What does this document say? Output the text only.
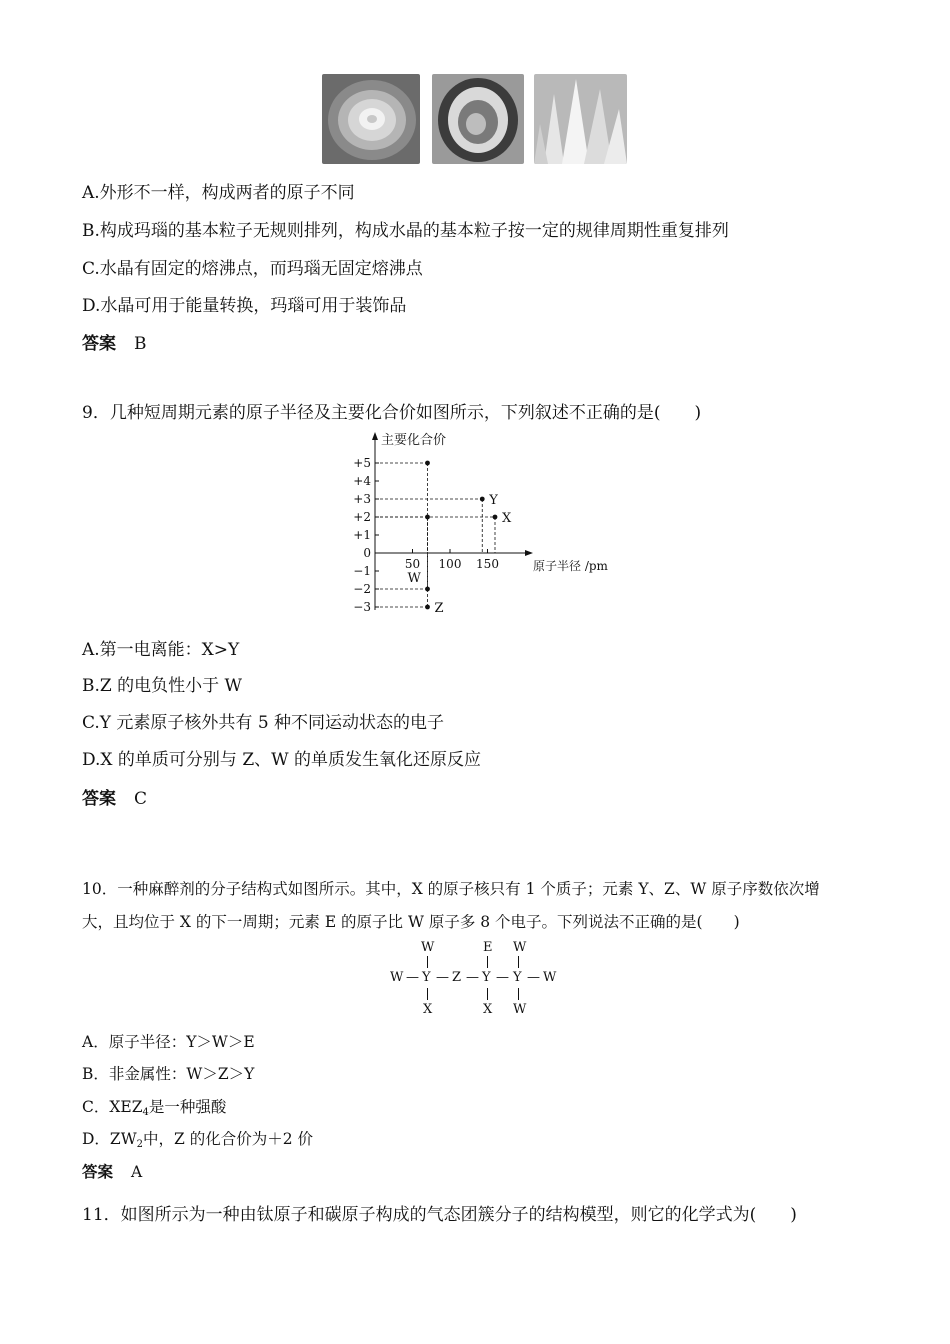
A.外形不一样，构成两者的原子不同
B.构成玛瑙的基本粒子无规则排列，构成水晶的基本粒子按一定的规律周期性重复排列
C.水晶有固定的熔沸点，而玛瑙无固定熔沸点
D.水晶可用于能量转换，玛瑙可用于装饰品
答案 B
9．几种短周期元素的原子半径及主要化合价如图所示，下列叙述不正确的是(　　)
主要化合价
原子半径 /pm
+5
+4
+3
+2
+1
0
−1
−2
−3
50 100 150
W
Z
Y
X
A.第一电离能：X>Y
B.Z 的电负性小于 W
C.Y 元素原子核外共有 5 种不同运动状态的电子
D.X 的单质可分别与 Z、W 的单质发生氧化还原反应
答案 C
10．一种麻醉剂的分子结构式如图所示。其中，X 的原子核只有 1 个质子；元素 Y、Z、W 原子序数依次增
大，且均位于 X 的下一周期；元素 E 的原子比 W 原子多 8 个电子。下列说法不正确的是(　　)
W	E W
W — Y — Z — Y — Y — W
X	X W
A．原子半径：Y＞W＞E
B．非金属性：W＞Z＞Y
C．$XEZ_4$是一种强酸
D．$ZW_2$中，Z 的化合价为＋2 价
答案 A
11．如图所示为一种由钛原子和碳原子构成的气态团簇分子的结构模型，则它的化学式为(　　)
